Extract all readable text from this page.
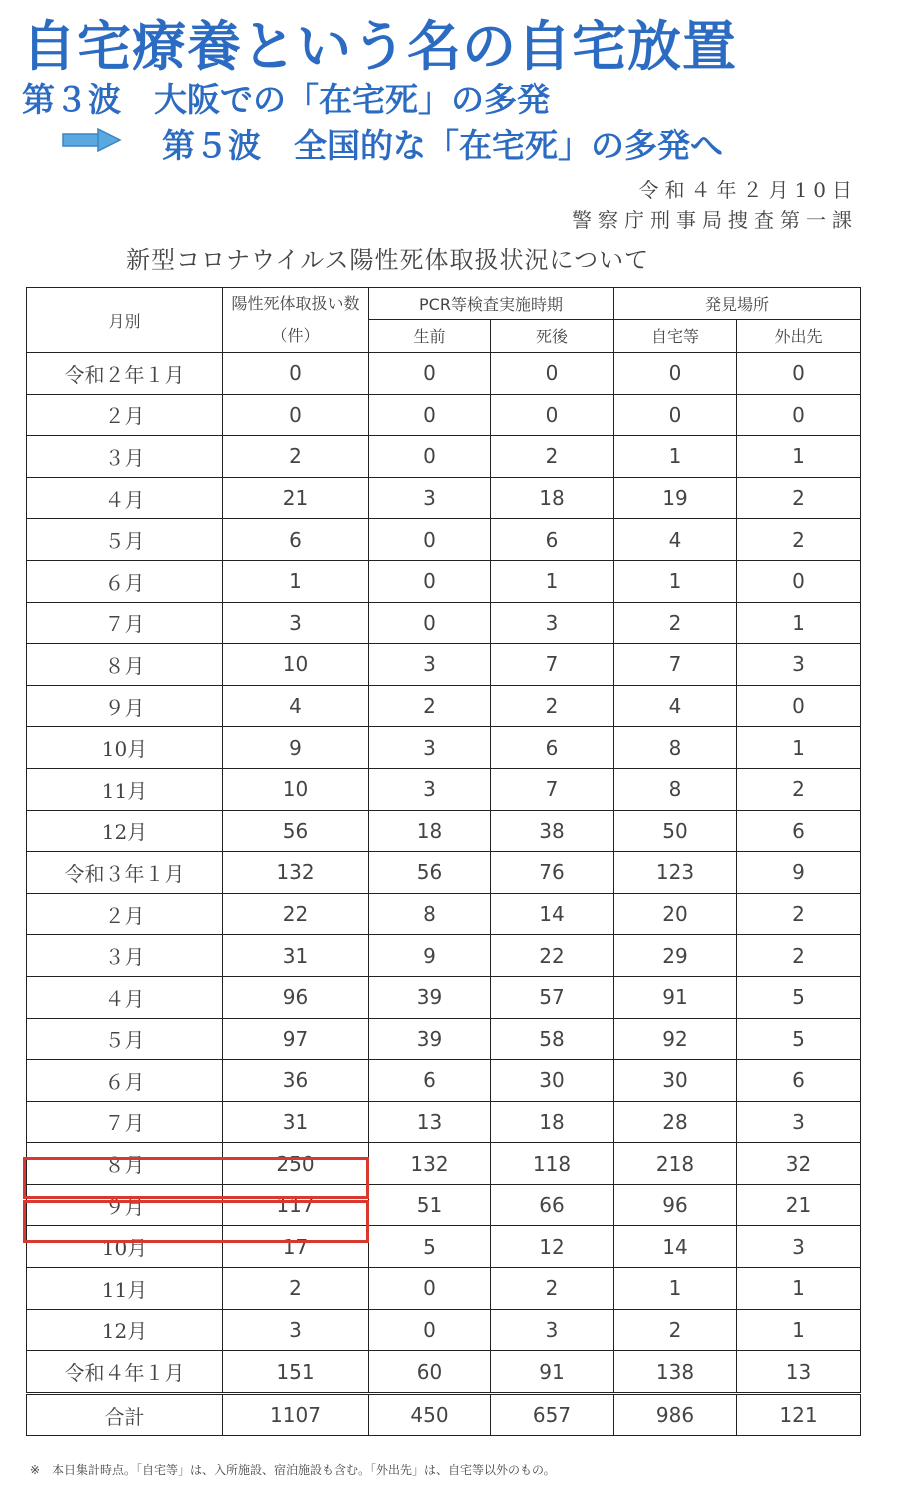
自宅療養という名の自宅放置
第３波　大阪での「在宅死」の多発
第５波　全国的な「在宅死」の多発へ
令和４年２月10日
警察庁刑事局捜査第一課
新型コロナウイルス陽性死体取扱状況について
月別	陽性死体取扱い数（件）	PCR等検査実施時期		発見場所	
		生前	死後	自宅等	外出先
令和２年１月	0	0	0	0	0
２月	0	0	0	0	0
３月	2	0	2	1	1
４月	21	3	18	19	2
５月	6	0	6	4	2
６月	1	0	1	1	0
７月	3	0	3	2	1
８月	10	3	7	7	3
９月	4	2	2	4	0
10月	9	3	6	8	1
11月	10	3	7	8	2
12月	56	18	38	50	6
令和３年１月	132	56	76	123	9
２月	22	8	14	20	2
３月	31	9	22	29	2
４月	96	39	57	91	5
５月	97	39	58	92	5
６月	36	6	30	30	6
７月	31	13	18	28	3
８月	250	132	118	218	32
９月	117	51	66	96	21
10月	17	5	12	14	3
11月	2	0	2	1	1
12月	3	0	3	2	1
令和４年１月	151	60	91	138	13
合計	1107	450	657	986	121
※　本日集計時点。「自宅等」は、入所施設、宿泊施設も含む。「外出先」は、自宅等以外のもの。
